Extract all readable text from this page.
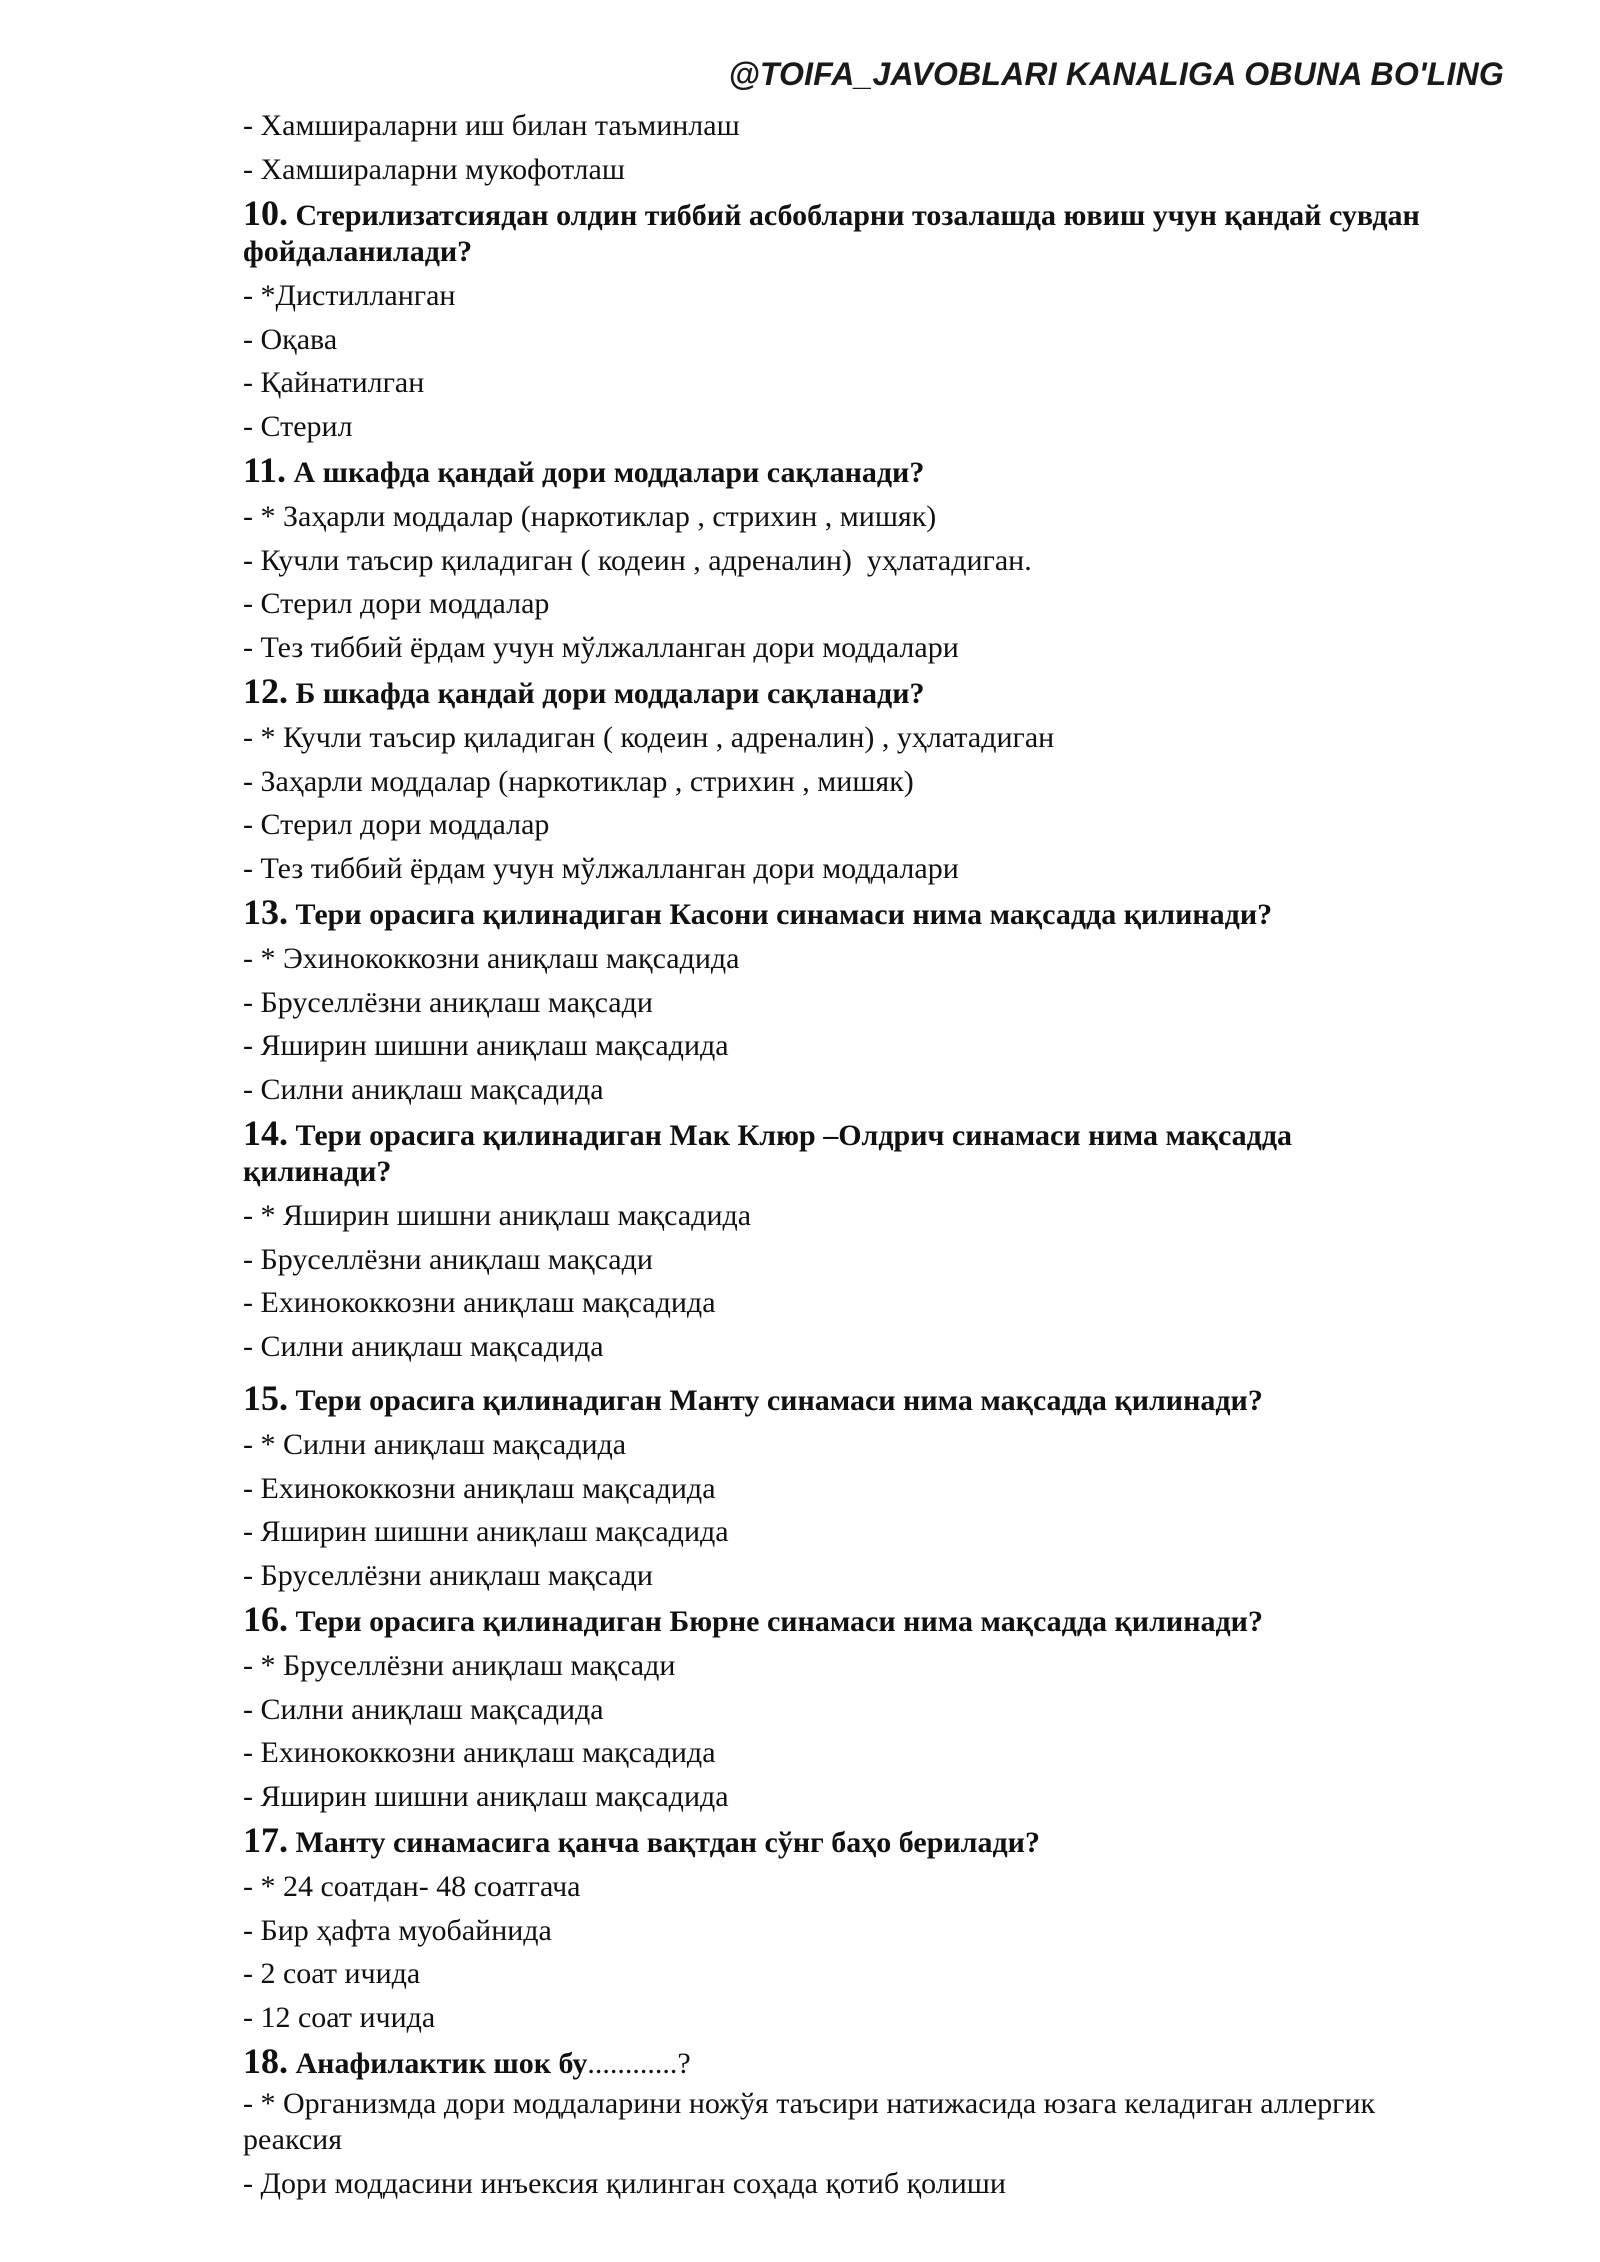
@TOIFA_JAVOBLARI KANALIGA OBUNA BO'LING
- Хамшираларни иш билан таъминлаш
- Хамшираларни мукофотлаш
10. Стерилизатсиядан олдин тиббий асбобларни тозалашда ювиш учун қандай сувдан фойдаланилади?
- *Дистилланган
- Оқава
- Қайнатилган
- Стерил
11. А шкафда қандай дори моддалари сақланади?
- * Заҳарли моддалар (наркотиклар , стрихин , мишяк)
- Кучли таъсир қиладиган ( кодеин , адреналин)  уҳлатадиган.
- Стерил дори моддалар
- Тез тиббий ёрдам учун мўлжалланган дори моддалари
12. Б шкафда қандай дори моддалари сақланади?
- * Кучли таъсир қиладиган ( кодеин , адреналин) , уҳлатадиган
- Заҳарли моддалар (наркотиклар , стрихин , мишяк)
- Стерил дори моддалар
- Тез тиббий ёрдам учун мўлжалланган дори моддалари
13. Тери орасига қилинадиган Касони синамаси нима мақсадда қилинади?
- * Эхинококкозни аниқлаш мақсадида
- Бруселлёзни аниқлаш мақсади
- Яширин шишни аниқлаш мақсадида
- Силни аниқлаш мақсадида
14. Тери орасига қилинадиган Мак Клюр –Олдрич синамаси нима мақсадда қилинади?
- * Яширин шишни аниқлаш мақсадида
- Бруселлёзни аниқлаш мақсади
- Ехинококкозни аниқлаш мақсадида
- Силни аниқлаш мақсадида
15. Тери орасига қилинадиган Манту синамаси нима мақсадда қилинади?
- * Силни аниқлаш мақсадида
- Ехинококкозни аниқлаш мақсадида
- Яширин шишни аниқлаш мақсадида
- Бруселлёзни аниқлаш мақсади
16. Тери орасига қилинадиган Бюрне синамаси нима мақсадда қилинади?
- * Бруселлёзни аниқлаш мақсади
- Силни аниқлаш мақсадида
- Ехинококкозни аниқлаш мақсадида
- Яширин шишни аниқлаш мақсадида
17. Манту синамасига қанча вақтдан сўнг баҳо берилади?
- * 24 соатдан- 48 соатгача
- Бир ҳафта муобайнида
- 2 соат ичида
- 12 соат ичида
18. Анафилактик шок бу............?
- * Организмда дори моддаларини ножўя таъсири натижасида юзага келадиган аллергик реаксия
- Дори моддасини инъексия қилинган соҳада қотиб қолиши
